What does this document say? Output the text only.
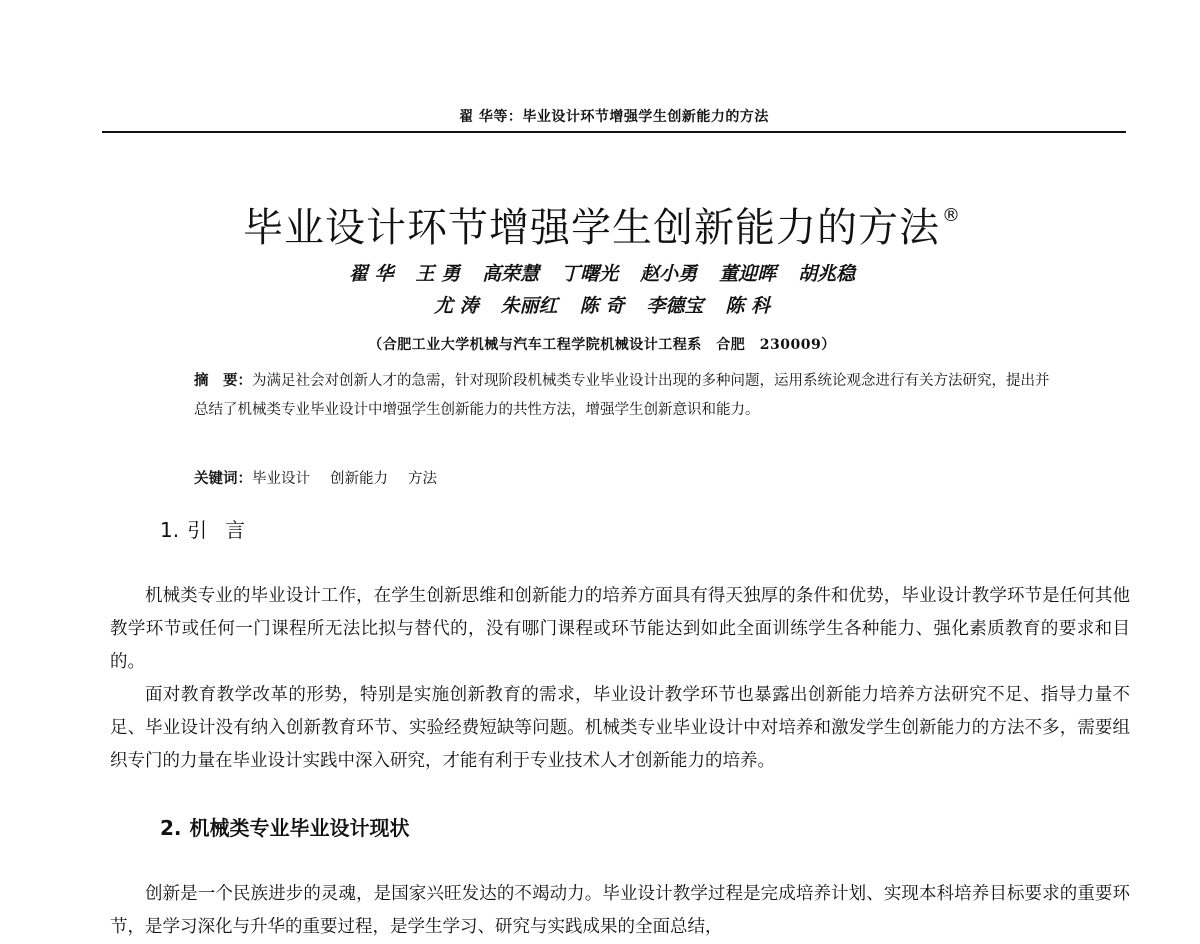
翟 华等：毕业设计环节增强学生创新能力的方法
毕业设计环节增强学生创新能力的方法 ®
翟 华 王 勇 高荣慧 丁曙光 赵小勇 董迎晖 胡兆稳
尤 涛 朱丽红 陈 奇 李德宝 陈 科
（合肥工业大学机械与汽车工程学院机械设计工程系　合肥　230009）
摘　要：为满足社会对创新人才的急需，针对现阶段机械类专业毕业设计出现的多种问题，运用系统论观念进行有关方法研究，提出并总结了机械类专业毕业设计中增强学生创新能力的共性方法，增强学生创新意识和能力。
关键词：毕业设计 创新能力 方法
1. 引言

机械类专业的毕业设计工作，在学生创新思维和创新能力的培养方面具有得天独厚的条件和优势，毕业设计教学环节是任何其他教学环节或任何一门课程所无法比拟与替代的，没有哪门课程或环节能达到如此全面训练学生各种能力、强化素质教育的要求和目的。

面对教育教学改革的形势，特别是实施创新教育的需求，毕业设计教学环节也暴露出创新能力培养方法研究不足、指导力量不足、毕业设计没有纳入创新教育环节、实验经费短缺等问题。机械类专业毕业设计中对培养和激发学生创新能力的方法不多，需要组织专门的力量在毕业设计实践中深入研究，才能有利于专业技术人才创新能力的培养。

2. 机械类专业毕业设计现状

创新是一个民族进步的灵魂，是国家兴旺发达的不竭动力。毕业设计教学过程是完成培养计划、实现本科培养目标要求的重要环节，是学习深化与升华的重要过程，是学生学习、研究与实践成果的全面总结，
